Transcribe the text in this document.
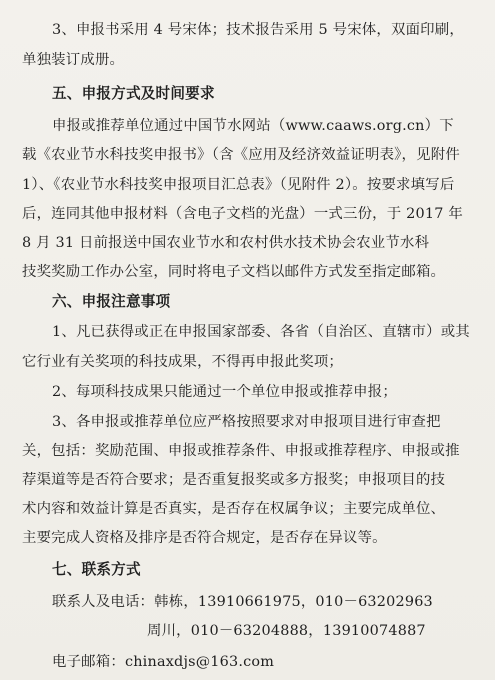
3、申报书采用 4 号宋体；技术报告采用 5 号宋体，双面印刷，
单独装订成册。
五、申报方式及时间要求
申报或推荐单位通过中国节水网站（www.caaws.org.cn）下
载《农业节水科技奖申报书》（含《应用及经济效益证明表》，见附件
1）、《农业节水科技奖申报项目汇总表》（见附件 2）。按要求填写后
后，连同其他申报材料（含电子文档的光盘）一式三份，于 2017 年
8 月 31 日前报送中国农业节水和农村供水技术协会农业节水科
技奖奖励工作办公室，同时将电子文档以邮件方式发至指定邮箱。
六、申报注意事项
1、凡已获得或正在申报国家部委、各省（自治区、直辖市）或其
它行业有关奖项的科技成果，不得再申报此奖项；
2、每项科技成果只能通过一个单位申报或推荐申报；
3、各申报或推荐单位应严格按照要求对申报项目进行审查把
关，包括：奖励范围、申报或推荐条件、申报或推荐程序、申报或推
荐渠道等是否符合要求；是否重复报奖或多方报奖；申报项目的技
术内容和效益计算是否真实，是否存在权属争议；主要完成单位、
主要完成人资格及排序是否符合规定，是否存在异议等。
七、联系方式
联系人及电话：韩栋，13910661975，010－63202963
周川，010－63204888，13910074887
电子邮箱：chinaxdjs@163.com
